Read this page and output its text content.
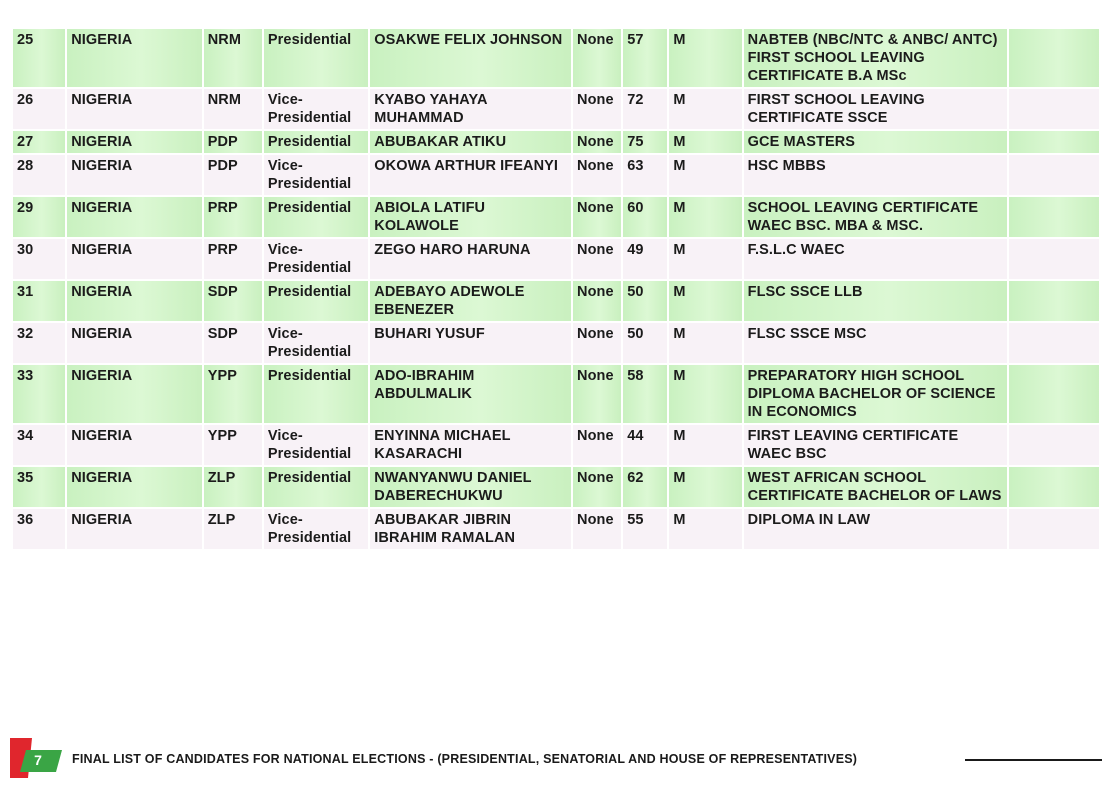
25	NIGERIA	NRM	Presidential	OSAKWE FELIX JOHNSON	None	57	M	NABTEB (NBC/NTC & ANBC/ ANTC) FIRST SCHOOL LEAVING CERTIFICATE B.A MSc	
26	NIGERIA	NRM	Vice- Presidential	KYABO YAHAYA MUHAMMAD	None	72	M	FIRST SCHOOL LEAVING CERTIFICATE SSCE	
27	NIGERIA	PDP	Presidential	ABUBAKAR ATIKU	None	75	M	GCE MASTERS	
28	NIGERIA	PDP	Vice- Presidential	OKOWA ARTHUR IFEANYI	None	63	M	HSC MBBS	
29	NIGERIA	PRP	Presidential	ABIOLA LATIFU KOLAWOLE	None	60	M	SCHOOL LEAVING CERTIFICATE WAEC BSC. MBA & MSC.	
30	NIGERIA	PRP	Vice- Presidential	ZEGO HARO HARUNA	None	49	M	F.S.L.C WAEC	
31	NIGERIA	SDP	Presidential	ADEBAYO ADEWOLE EBENEZER	None	50	M	FLSC SSCE LLB	
32	NIGERIA	SDP	Vice- Presidential	BUHARI YUSUF	None	50	M	FLSC SSCE MSC	
33	NIGERIA	YPP	Presidential	ADO-IBRAHIM ABDULMALIK	None	58	M	PREPARATORY HIGH SCHOOL DIPLOMA BACHELOR OF SCIENCE IN ECONOMICS	
34	NIGERIA	YPP	Vice- Presidential	ENYINNA MICHAEL KASARACHI	None	44	M	FIRST LEAVING CERTIFICATE WAEC BSC	
35	NIGERIA	ZLP	Presidential	NWANYANWU DANIEL DABERECHUKWU	None	62	M	WEST AFRICAN SCHOOL CERTIFICATE BACHELOR OF LAWS	
36	NIGERIA	ZLP	Vice- Presidential	ABUBAKAR JIBRIN IBRAHIM RAMALAN	None	55	M	DIPLOMA IN LAW	
7	FINAL LIST OF CANDIDATES FOR NATIONAL ELECTIONS - (PRESIDENTIAL, SENATORIAL AND HOUSE OF REPRESENTATIVES)
